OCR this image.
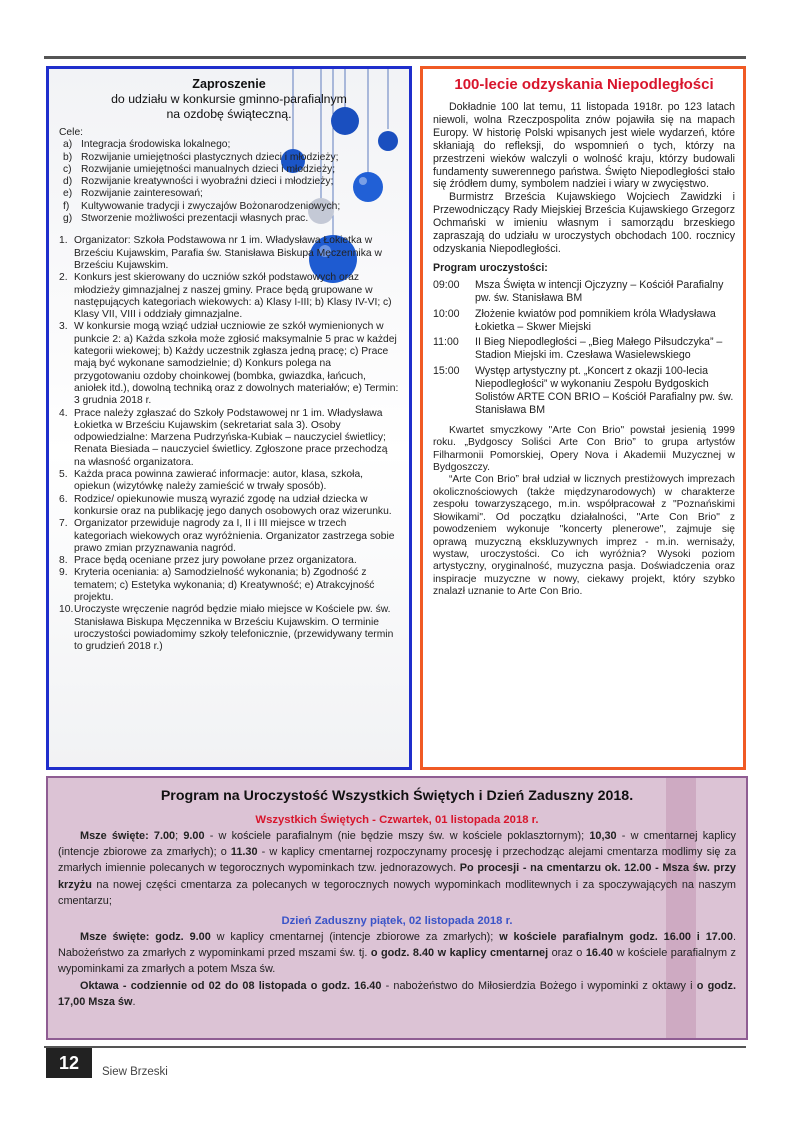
Zaproszenie
do udziału w konkursie gminno-parafialnym
na ozdobę świąteczną.
Cele:
a) Integracja środowiska lokalnego;
b) Rozwijanie umiejętności plastycznych dzieci i młodzieży;
c) Rozwijanie umiejętności manualnych dzieci i młodzieży;
d) Rozwijanie kreatywności i wyobraźni dzieci i młodzieży;
e) Rozwijanie zainteresowań;
f)	Kultywowanie tradycji i zwyczajów Bożonarodzeniowych;
g) Stworzenie możliwości prezentacji własnych prac.
1. Organizator: Szkoła Podstawowa nr 1 im. Władysława Łokietka w Brześciu Kujawskim, Parafia św. Stanisława Biskupa Męczennika w Brześciu Kujawskim.
2. Konkurs jest skierowany do uczniów szkół podstawowych oraz młodzieży gimnazjalnej z naszej gminy. Prace będą grupowane w następujących kategoriach wiekowych: a) Klasy I-III; b) Klasy IV-VI; c) Klasy VII, VIII i oddziały gimnazjalne.
3. W konkursie mogą wziąć udział uczniowie ze szkół wymienionych w punkcie 2: a) Każda szkoła może zgłosić maksymalnie 5 prac w każdej kategorii wiekowej; b) Każdy uczestnik zgłasza jedną pracę; c) Prace mają być wykonane samodzielnie; d) Konkurs polega na przygotowaniu ozdoby choinkowej (bombka, gwiazdka, łańcuch, aniołek itd.), dowolną techniką oraz z dowolnych materiałów; e) Termin: 3 grudnia 2018 r.
4. Prace należy zgłaszać do Szkoły Podstawowej nr 1 im. Władysława Łokietka w Brześciu Kujawskim (sekretariat sala 3). Osoby odpowiedzialne: Marzena Pudrzyńska-Kubiak – nauczyciel świetlicy; Renata Biesiada – nauczyciel świetlicy. Zgłoszone prace przechodzą na własność organizatora.
5. Każda praca powinna zawierać informacje: autor, klasa, szkoła, opiekun (wizytówkę należy zamieścić w trwały sposób).
6. Rodzice/ opiekunowie muszą wyrazić zgodę na udział dziecka w konkursie oraz na publikację jego danych osobowych oraz wizerunku.
7. Organizator przewiduje nagrody za I, II i III miejsce w trzech kategoriach wiekowych oraz wyróżnienia. Organizator zastrzega sobie prawo zmian przyznawania nagród.
8. Prace będą oceniane przez jury powołane przez organizatora.
9. Kryteria oceniania: a) Samodzielność wykonania; b) Zgodność z tematem; c) Estetyka wykonania; d) Kreatywność; e) Atrakcyjność projektu.
10. Uroczyste wręczenie nagród będzie miało miejsce w Kościele pw. św. Stanisława Biskupa Męczennika w Brześciu Kujawskim. O terminie uroczystości powiadomimy szkoły telefonicznie, (przewidywany termin to grudzień 2018 r.)
100-lecie odzyskania Niepodległości

Dokładnie 100 lat temu, 11 listopada 1918r. po 123 latach niewoli, wolna Rzeczpospolita znów pojawiła się na mapach Europy. W historię Polski wpisanych jest wiele wydarzeń, które skłaniają do refleksji, do wspomnień o tych, którzy na przestrzeni wieków walczyli o wolność kraju, którzy budowali fundamenty suwerennego państwa. Święto Niepodległości stało się źródłem dumy, symbolem nadziei i wiary w zwycięstwo.

Burmistrz Brześcia Kujawskiego Wojciech Zawidzki i Przewodniczący Rady Miejskiej Brześcia Kujawskiego Grzegorz Ochmański w imieniu własnym i samorządu brzeskiego zapraszają do udziału w uroczystych obchodach 100. rocznicy odzyskania Niepodległości.

Program uroczystości:
09:00	Msza Święta w intencji Ojczyzny – Kościół Parafialny pw. św. Stanisława BM
10:00	Złożenie kwiatów pod pomnikiem króla Władysława Łokietka – Skwer Miejski
11:00	II Bieg Niepodległości – „Bieg Małego Piłsudczyka” – Stadion Miejski im. Czesława Wasielewskiego
15:00	Występ artystyczny pt. „Koncert z okazji 100-lecia Niepodległości” w wykonaniu Zespołu Bydgoskich Solistów ARTE CON BRIO – Kościół Parafialny pw. św. Stanisława BM

Kwartet smyczkowy "Arte Con Brio" powstał jesienią 1999 roku. „Bydgoscy Soliści Arte Con Brio” to grupa artystów Filharmonii Pomorskiej, Opery Nova i Akademii Muzycznej w Bydgoszczy.

“Arte Con Brio” brał udział w licznych prestiżowych imprezach okolicznościowych (także międzynarodowych) w charakterze zespołu towarzyszącego, m.in. współpracował z "Poznańskimi Słowikami". Od początku działalności, "Arte Con Brio" z powodzeniem wykonuje "koncerty plenerowe", zajmuje się oprawą muzyczną ekskluzywnych imprez - m.in. wernisaży, wystaw, uroczystości. Co ich wyróżnia? Wysoki poziom artystyczny, oryginalność, muzyczna pasja. Doświadczenia oraz inspiracje muzyczne w nowy, ciekawy projekt, który szybko znalazł uznanie to Arte Con Brio.

Program na Uroczystość Wszystkich Świętych i Dzień Zaduszny 2018.
Wszystkich Świętych - Czwartek, 01 listopada 2018 r.

Msze święte: 7.00; 9.00 - w kościele parafialnym (nie będzie mszy św. w kościele poklasztornym); 10,30 - w cmentarnej kaplicy (intencje zbiorowe za zmarłych); o 11.30 - w kaplicy cmentarnej rozpoczynamy procesję i przechodząc alejami cmentarza modlimy się za zmarłych imiennie polecanych w tegorocznych wypominkach tzw. jednorazowych. Po procesji - na cmentarzu ok. 12.00 - Msza św. przy krzyżu na nowej części cmentarza za polecanych w tegorocznych nowych wypominkach modlitewnych i za spoczywających na naszym cmentarzu;

Dzień Zaduszny piątek, 02 listopada 2018 r.

Msze święte: godz. 9.00 w kaplicy cmentarnej (intencje zbiorowe za zmarłych); w kościele parafialnym godz. 16.00 i 17.00. Nabożeństwo za zmarłych z wypominkami przed mszami św. tj. o godz. 8.40 w kaplicy cmentarnej oraz o 16.40 w kościele parafialnym z wypominkami za zmarłych a potem Msza św.

Oktawa - codziennie od 02 do 08 listopada o godz. 16.40 - nabożeństwo do Miłosierdzia Bożego i wypominki z oktawy i o godz. 17,00 Msza św.

12	Siew Brzeski
